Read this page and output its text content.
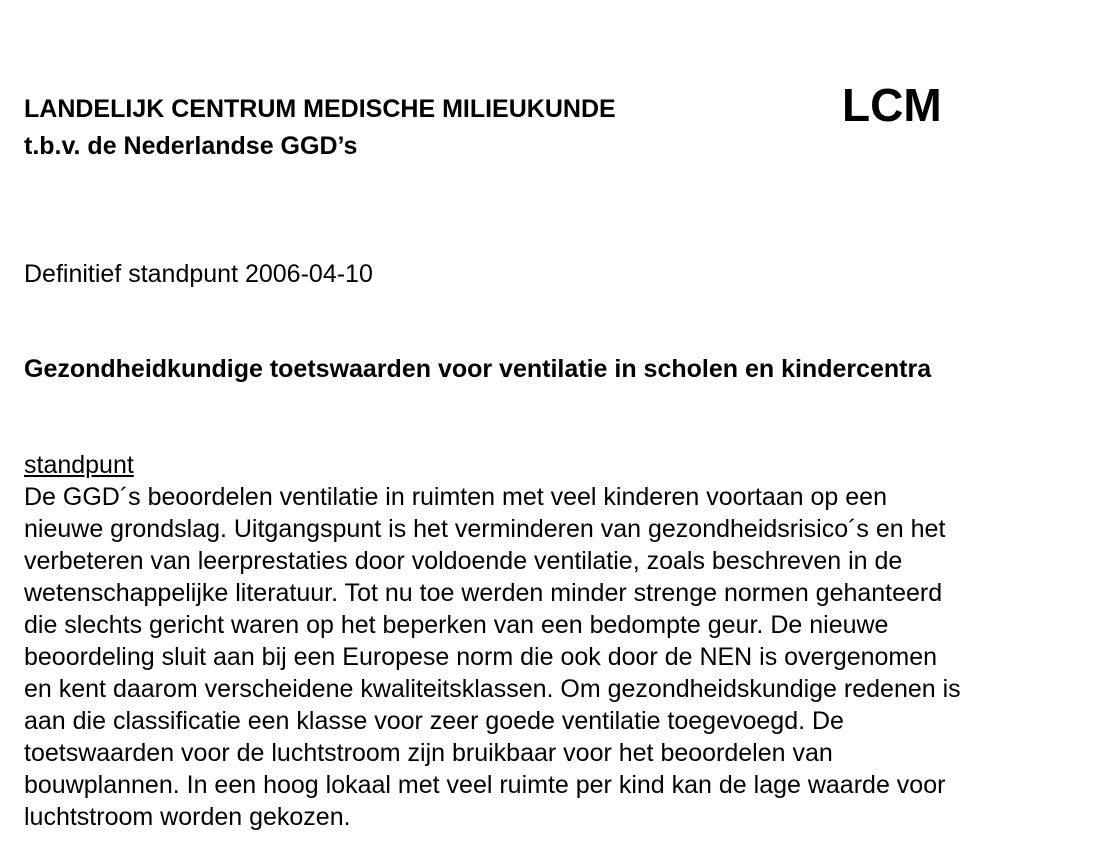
LANDELIJK CENTRUM MEDISCHE MILIEUKUNDE
t.b.v. de Nederlandse GGD’s
LCM
Definitief standpunt 2006-04-10
Gezondheidkundige toetswaarden voor ventilatie in scholen en kindercentra
standpunt
De GGD´s beoordelen ventilatie in ruimten met veel kinderen voortaan op een
nieuwe grondslag. Uitgangspunt is het verminderen van gezondheidsrisico´s en het
verbeteren van leerprestaties door voldoende ventilatie, zoals beschreven in de
wetenschappelijke literatuur. Tot nu toe werden minder strenge normen gehanteerd
die slechts gericht waren op het beperken van een bedompte geur. De nieuwe
beoordeling sluit aan bij een Europese norm die ook door de NEN is overgenomen
en kent daarom verscheidene kwaliteitsklassen. Om gezondheidskundige redenen is
aan die classificatie een klasse voor zeer goede ventilatie toegevoegd. De
toetswaarden voor de luchtstroom zijn bruikbaar voor het beoordelen van
bouwplannen. In een hoog lokaal met veel ruimte per kind kan de lage waarde voor
luchtstroom worden gekozen.
